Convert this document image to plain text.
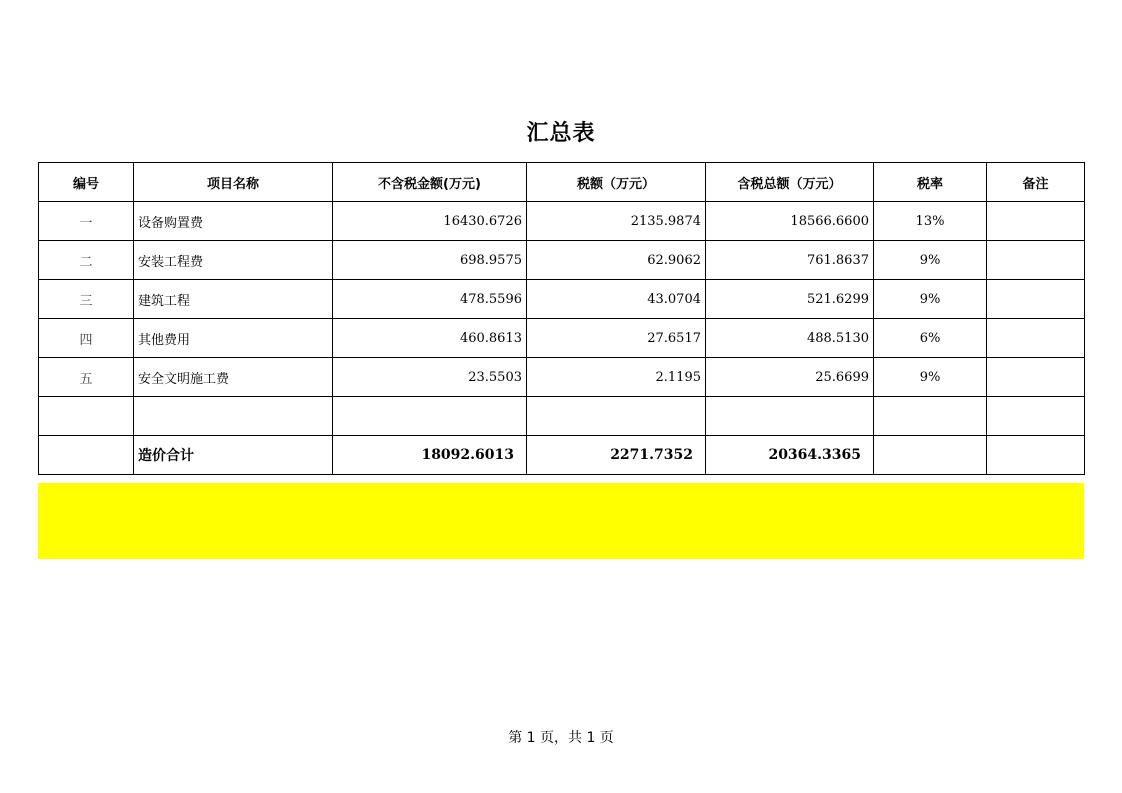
汇总表
编号	项目名称	不含税金额(万元)	税额（万元）	含税总额（万元）	税率	备注
一	设备购置费	16430.6726	2135.9874	18566.6600	13%	
二	安装工程费	698.9575	62.9062	761.8637	9%	
三	建筑工程	478.5596	43.0704	521.6299	9%	
四	其他费用	460.8613	27.6517	488.5130	6%	
五	安全文明施工费	23.5503	2.1195	25.6699	9%	

	造价合计	18092.6013	2271.7352	20364.3365		
第 1 页，共 1 页
